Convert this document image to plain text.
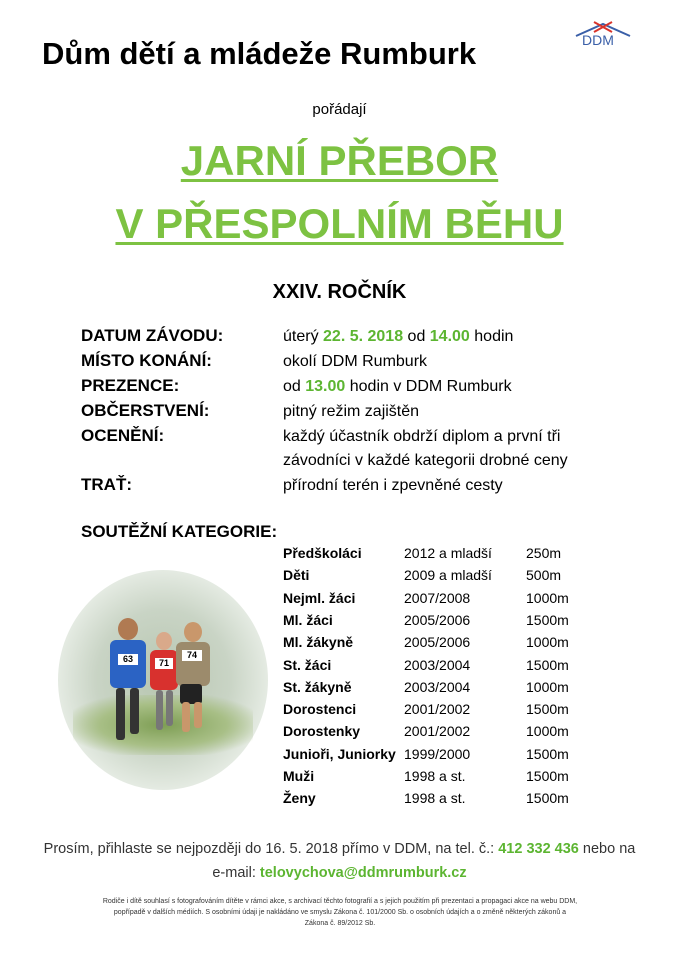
Dům dětí a mládeže Rumburk	DDM
pořádají
JARNÍ PŘEBOR
V PŘESPOLNÍM BĚHU
XXIV. ROČNÍK
DATUM ZÁVODU:	úterý 22. 5. 2018 od 14.00 hodin
MÍSTO KONÁNÍ:	okolí DDM Rumburk
PREZENCE:	od 13.00 hodin v DDM Rumburk
OBČERSTVENÍ:	pitný režim zajištěn
OCENĚNÍ:	každý účastník obdrží diplom a první tři
závodníci v každé kategorii drobné ceny
TRAŤ:	přírodní terén i zpevněné cesty
SOUTĚŽNÍ KATEGORIE:
63	71
74
Předškoláci	2012 a mladší 250m
Děti	2009 a mladší 500m
Nejml. žáci	2007/2008	1000m
Ml. žáci	2005/2006	1500m
Ml. žákyně	2005/2006	1000m
St. žáci	2003/2004	1500m
St. žákyně	2003/2004	1000m
Dorostenci	2001/2002	1500m
Dorostenky	2001/2002	1000m
Junioři, Juniorky 1999/2000	1500m
Muži	1998 a st.	1500m
Ženy	1998 a st.	1500m
Prosím, přihlaste se nejpozději do 16. 5. 2018 přímo v DDM, na tel. č.: 412 332 436 nebo na
e-mail: telovychova@ddmrumburk.cz
Rodiče i dítě souhlasí s fotografováním dítěte v rámci akce, s archivací těchto fotografií a s jejich použitím při prezentaci a propagaci akce na webu DDM,
popřípadě v dalších médiích. S osobními údaji je nakládáno ve smyslu Zákona č. 101/2000 Sb. o osobních údajích a o změně některých zákonů a
Zákona č. 89/2012 Sb.
